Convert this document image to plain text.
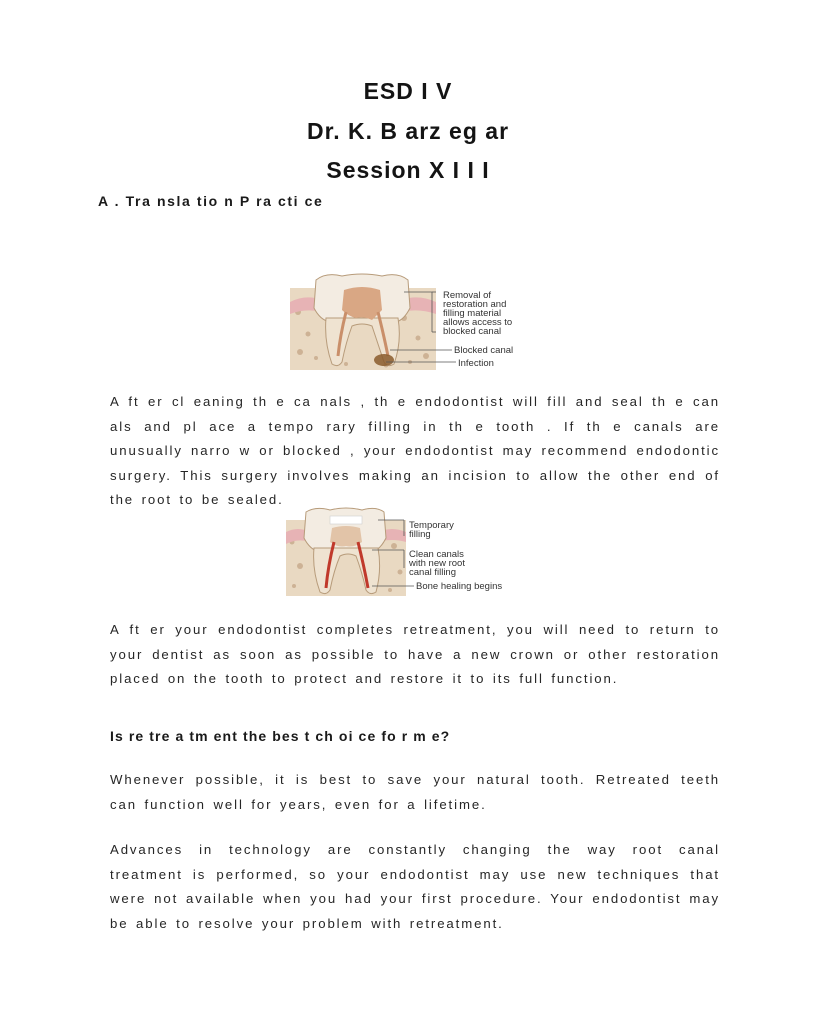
ESD I V
Dr. K. B arz eg ar
Session X I I I
A . Tra nsla tio n P ra cti ce
Removal of
restoration and
filling material
allows access to
blocked canal
Blocked canal
Infection

A ft er cl eaning th e ca nals , th e endodontist will fill and seal th e can als and pl ace a tempo rary filling in th e tooth . If th e canals are unusually narro w or blocked , your endodontist may recommend endodontic surgery. This surgery involves making an incision to allow the other end of the root to be sealed.

Temporary
filling
Clean canals
with new root
canal filling
Bone healing begins

A ft er your endodontist completes retreatment, you will need to return to your dentist as soon as possible to have a new crown or other restoration placed on the tooth to protect and restore it to its full function.

Is re tre a tm ent the bes t ch oi ce fo r m e?

Whenever possible, it is best to save your natural tooth. Retreated teeth can function well for years, even for a lifetime.

Advances in technology are constantly changing the way root canal treatment is performed, so your endodontist may use new techniques that were not available when you had your first procedure. Your endodontist may be able to resolve your problem with retreatment.
